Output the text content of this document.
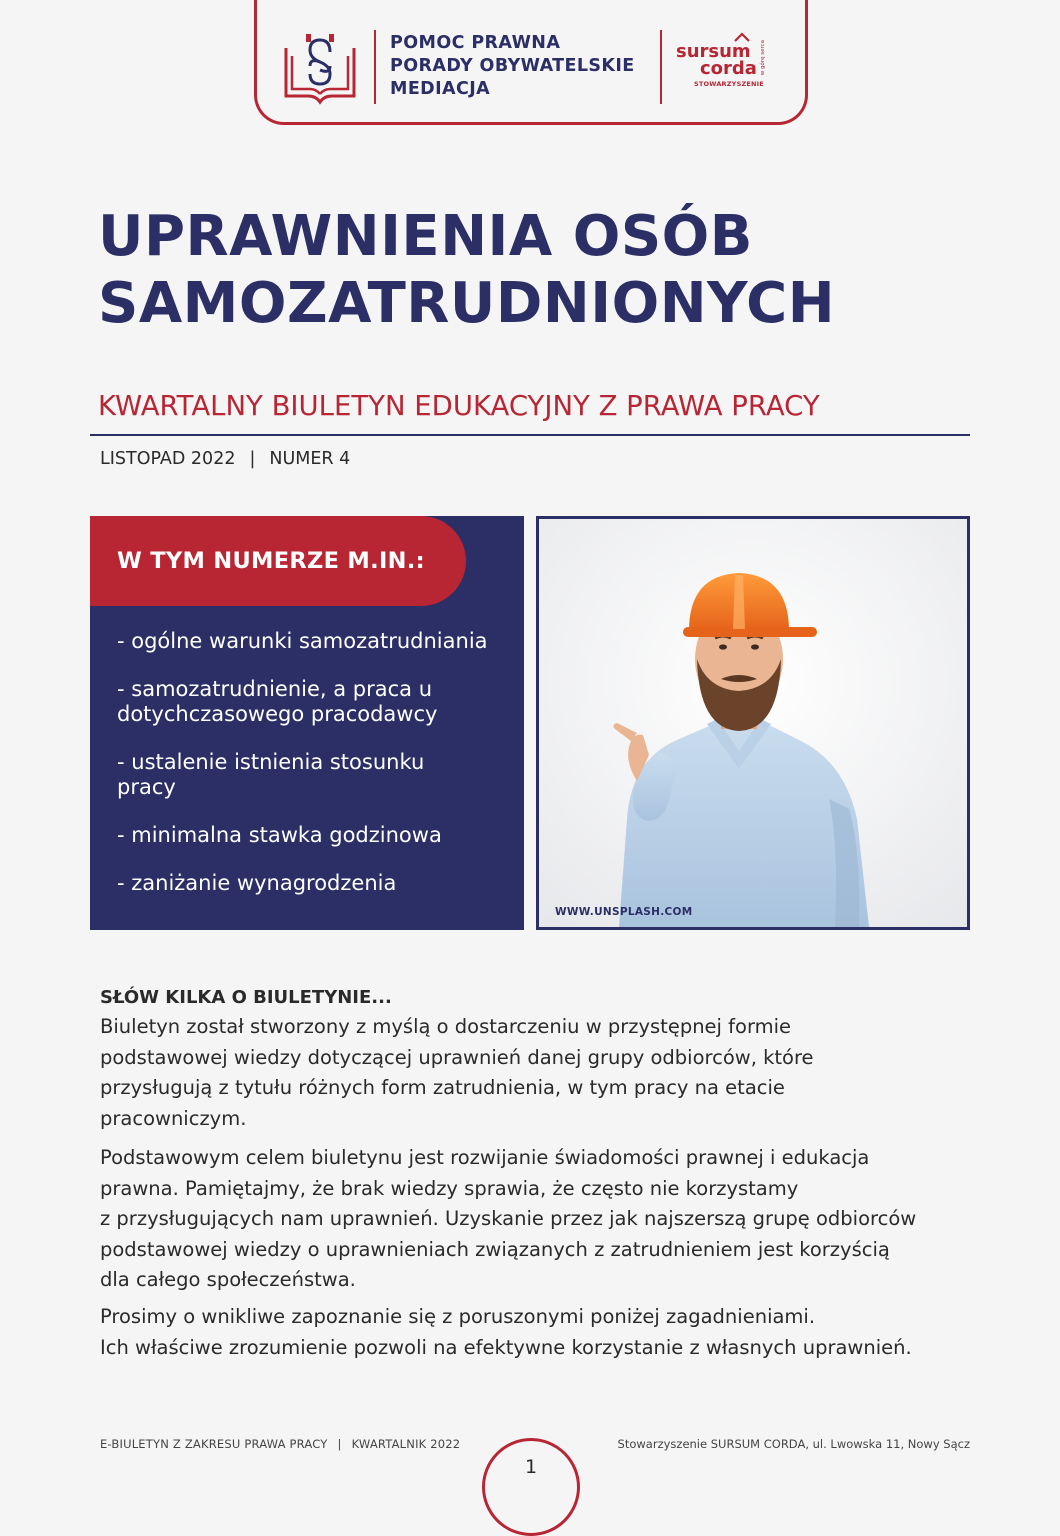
POMOC PRAWNA
PORADY OBYWATELSKIE
MEDIACJA
sursum
corda
STOWARZYSZENIE
w górę serca
UPRAWNIENIA OSÓB
SAMOZATRUDNIONYCH
KWARTALNY BIULETYN EDUKACYJNY Z PRAWA PRACY
LISTOPAD 2022 | NUMER 4
W TYM NUMERZE M.IN.:
- ogólne warunki samozatrudniania
- samozatrudnienie, a praca u dotychczasowego pracodawcy
- ustalenie istnienia stosunku pracy
- minimalna stawka godzinowa
- zaniżanie wynagrodzenia
WWW.UNSPLASH.COM
SŁÓW KILKA O BIULETYNIE...

Biuletyn został stworzony z myślą o dostarczeniu w przystępnej formie
podstawowej wiedzy dotyczącej uprawnień danej grupy odbiorców, które
przysługują z tytułu różnych form zatrudnienia, w tym pracy na etacie
pracowniczym.

Podstawowym celem biuletynu jest rozwijanie świadomości prawnej i edukacja
prawna. Pamiętajmy, że brak wiedzy sprawia, że często nie korzystamy
z przysługujących nam uprawnień. Uzyskanie przez jak najszerszą grupę odbiorców
podstawowej wiedzy o uprawnieniach związanych z zatrudnieniem jest korzyścią
dla całego społeczeństwa.

Prosimy o wnikliwe zapoznanie się z poruszonymi poniżej zagadnieniami.
Ich właściwe zrozumienie pozwoli na efektywne korzystanie z własnych uprawnień.

E-BIULETYN Z ZAKRESU PRAWA PRACY | KWARTALNIK 2022	Stowarzyszenie SURSUM CORDA, ul. Lwowska 11, Nowy Sącz
1
